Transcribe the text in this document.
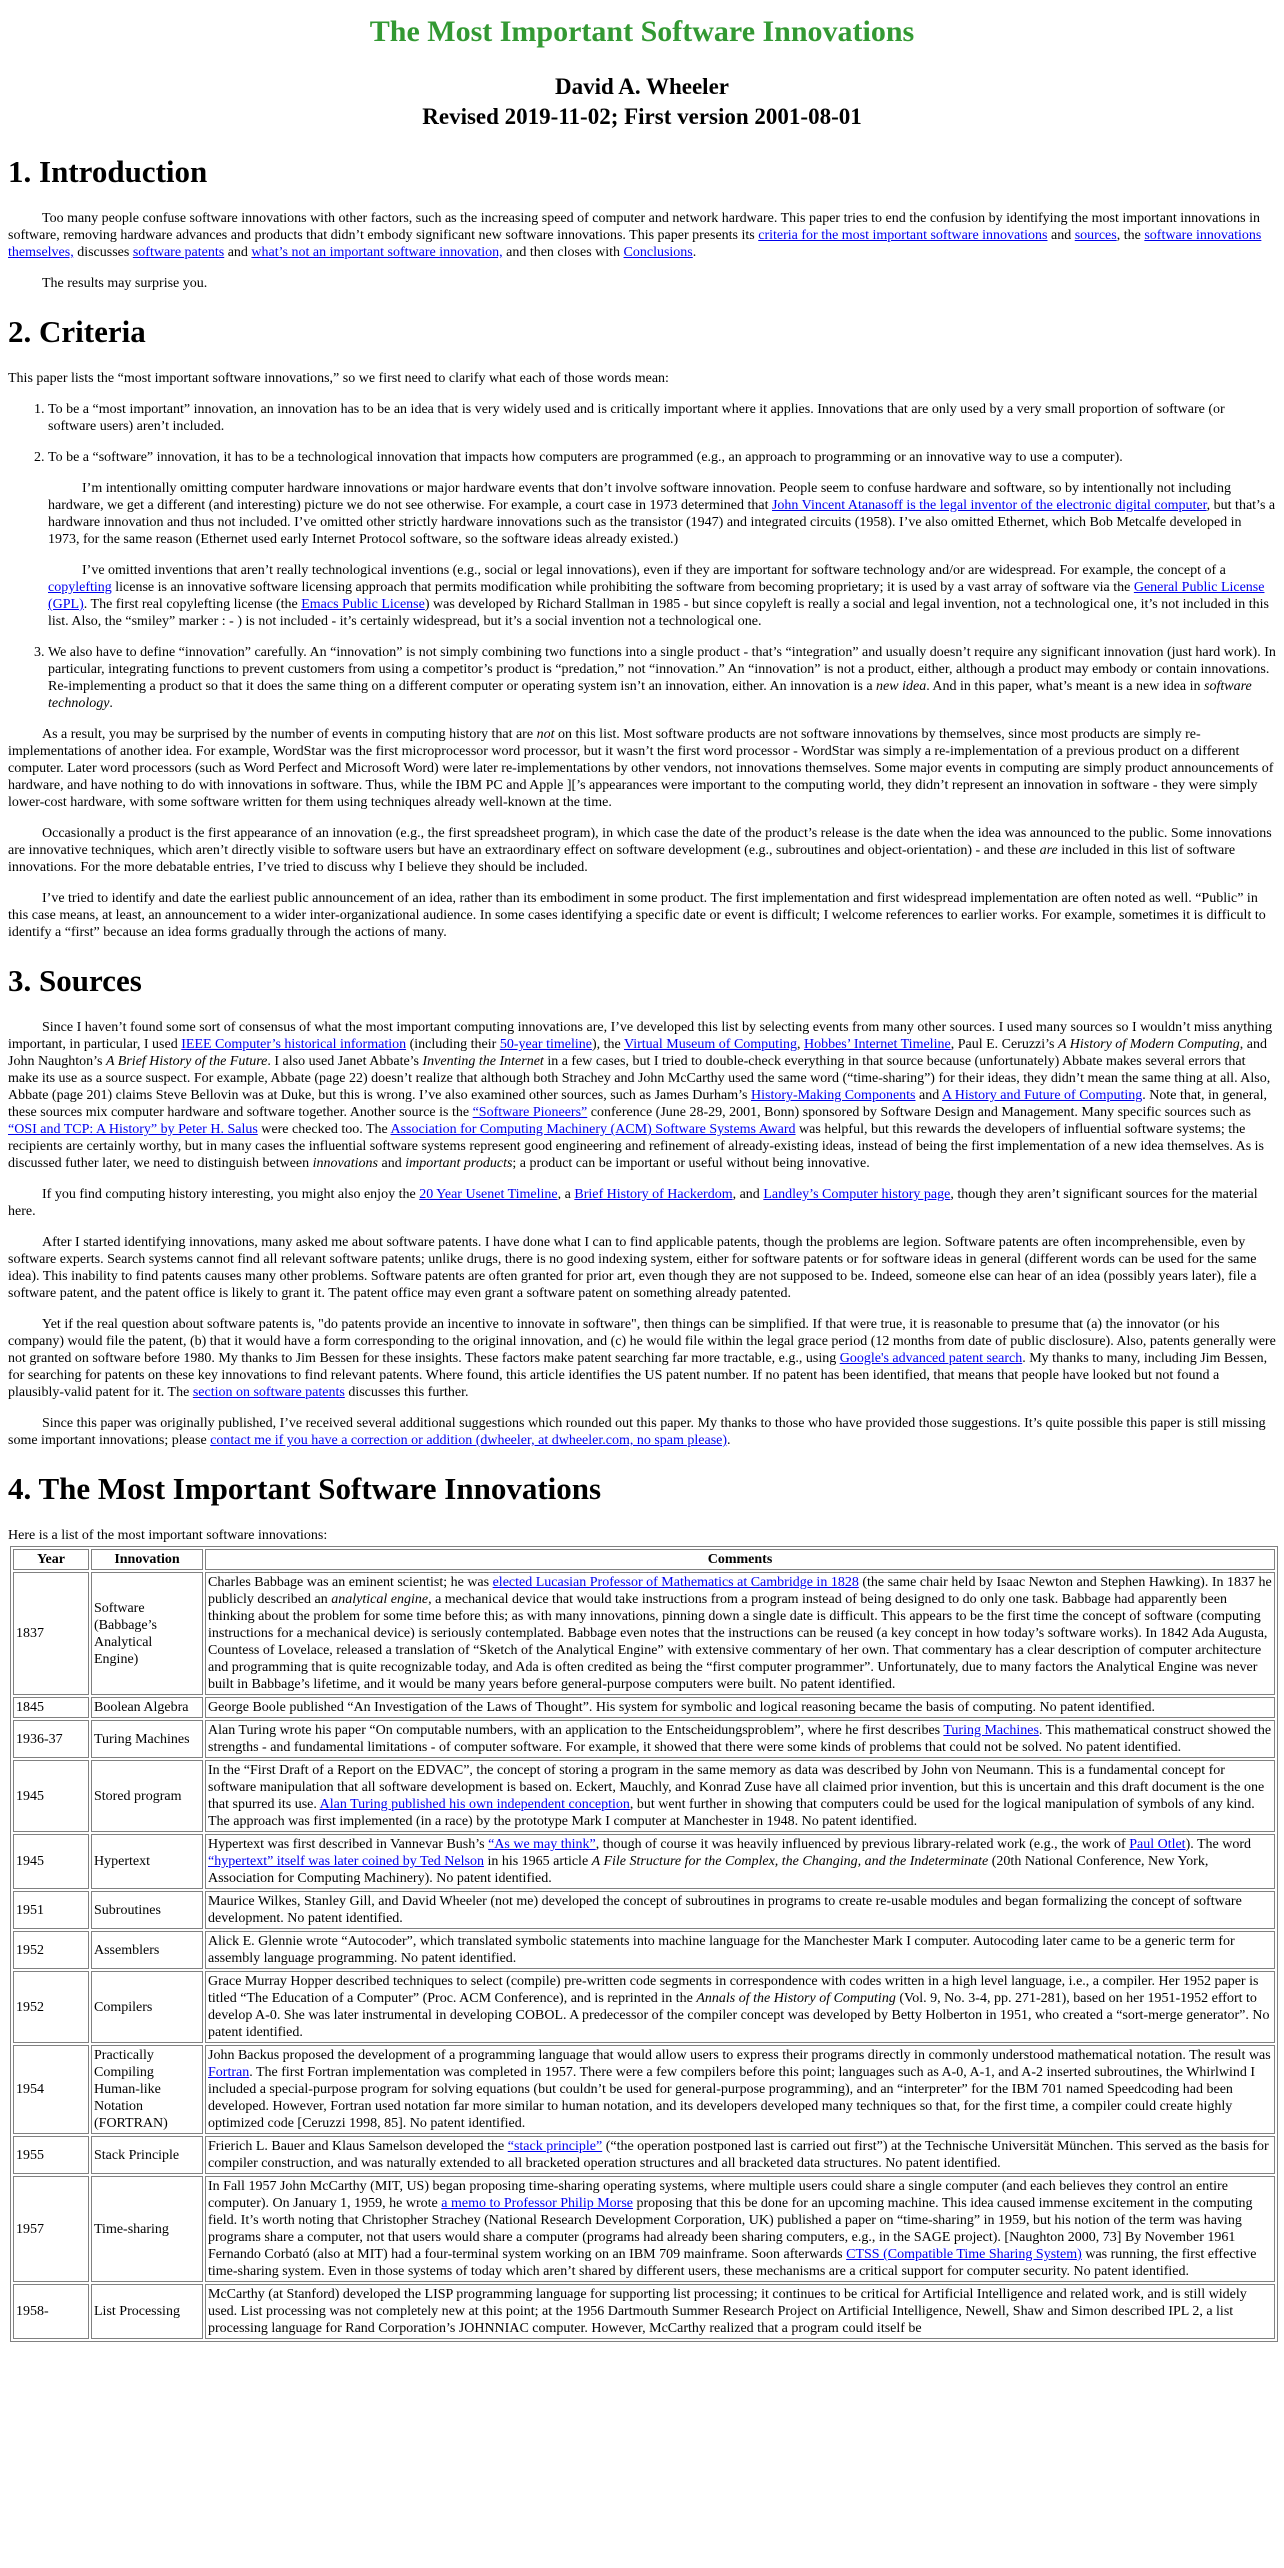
The Most Important Software Innovations
David A. Wheeler
Revised 2019-11-02; First version 2001-08-01
1. Introduction

Too many people confuse software innovations with other factors, such as the increasing speed of computer and network hardware. This paper tries to end the confusion by identifying the most important innovations in software, removing hardware advances and products that didn’t embody significant new software innovations. This paper presents its criteria for the most important software innovations and sources, the software innovations themselves, discusses software patents and what’s not an important software innovation, and then closes with Conclusions.

The results may surprise you.

2. Criteria

This paper lists the “most important software innovations,” so we first need to clarify what each of those words mean:

1. To be a “most important” innovation, an innovation has to be an idea that is very widely used and is critically important where it applies. Innovations that are only used by a very small proportion of software (or software users) aren’t included.
2. To be a “software” innovation, it has to be a technological innovation that impacts how computers are programmed (e.g., an approach to programming or an innovative way to use a computer).

I’m intentionally omitting computer hardware innovations or major hardware events that don’t involve software innovation. People seem to confuse hardware and software, so by intentionally not including hardware, we get a different (and interesting) picture we do not see otherwise. For example, a court case in 1973 determined that John Vincent Atanasoff is the legal inventor of the electronic digital computer, but that’s a hardware innovation and thus not included. I’ve omitted other strictly hardware innovations such as the transistor (1947) and integrated circuits (1958). I’ve also omitted Ethernet, which Bob Metcalfe developed in 1973, for the same reason (Ethernet used early Internet Protocol software, so the software ideas already existed.)

I’ve omitted inventions that aren’t really technological inventions (e.g., social or legal innovations), even if they are important for software technology and/or are widespread. For example, the concept of a copylefting license is an innovative software licensing approach that permits modification while prohibiting the software from becoming proprietary; it is used by a vast array of software via the General Public License (GPL). The first real copylefting license (the Emacs Public License) was developed by Richard Stallman in 1985 - but since copyleft is really a social and legal invention, not a technological one, it’s not included in this list. Also, the “smiley” marker : - ) is not included - it’s certainly widespread, but it’s a social invention not a technological one.

3. We also have to define “innovation” carefully. An “innovation” is not simply combining two functions into a single product - that’s “integration” and usually doesn’t require any significant innovation (just hard work). In particular, integrating functions to prevent customers from using a competitor’s product is “predation,” not “innovation.” An “innovation” is not a product, either, although a product may embody or contain innovations. Re-implementing a product so that it does the same thing on a different computer or operating system isn’t an innovation, either. An innovation is a new idea. And in this paper, what’s meant is a new idea in software technology.

As a result, you may be surprised by the number of events in computing history that are not on this list. Most software products are not software innovations by themselves, since most products are simply re-implementations of another idea. For example, WordStar was the first microprocessor word processor, but it wasn’t the first word processor - WordStar was simply a re-implementation of a previous product on a different computer. Later word processors (such as Word Perfect and Microsoft Word) were later re-implementations by other vendors, not innovations themselves. Some major events in computing are simply product announcements of hardware, and have nothing to do with innovations in software. Thus, while the IBM PC and Apple ][’s appearances were important to the computing world, they didn’t represent an innovation in software - they were simply lower-cost hardware, with some software written for them using techniques already well-known at the time.

Occasionally a product is the first appearance of an innovation (e.g., the first spreadsheet program), in which case the date of the product’s release is the date when the idea was announced to the public. Some innovations are innovative techniques, which aren’t directly visible to software users but have an extraordinary effect on software development (e.g., subroutines and object-orientation) - and these are included in this list of software innovations. For the more debatable entries, I’ve tried to discuss why I believe they should be included.

I’ve tried to identify and date the earliest public announcement of an idea, rather than its embodiment in some product. The first implementation and first widespread implementation are often noted as well. “Public” in this case means, at least, an announcement to a wider inter-organizational audience. In some cases identifying a specific date or event is difficult; I welcome references to earlier works. For example, sometimes it is difficult to identify a “first” because an idea forms gradually through the actions of many.

3. Sources

Since I haven’t found some sort of consensus of what the most important computing innovations are, I’ve developed this list by selecting events from many other sources. I used many sources so I wouldn’t miss anything important, in particular, I used IEEE Computer’s historical information (including their 50-year timeline), the Virtual Museum of Computing, Hobbes’ Internet Timeline, Paul E. Ceruzzi’s A History of Modern Computing, and John Naughton’s A Brief History of the Future. I also used Janet Abbate’s Inventing the Internet in a few cases, but I tried to double-check everything in that source because (unfortunately) Abbate makes several errors that make its use as a source suspect. For example, Abbate (page 22) doesn’t realize that although both Strachey and John McCarthy used the same word (“time-sharing”) for their ideas, they didn’t mean the same thing at all. Also, Abbate (page 201) claims Steve Bellovin was at Duke, but this is wrong. I’ve also examined other sources, such as James Durham’s History-Making Components and A History and Future of Computing. Note that, in general, these sources mix computer hardware and software together. Another source is the “Software Pioneers” conference (June 28-29, 2001, Bonn) sponsored by Software Design and Management. Many specific sources such as “OSI and TCP: A History” by Peter H. Salus were checked too. The Association for Computing Machinery (ACM) Software Systems Award was helpful, but this rewards the developers of influential software systems; the recipients are certainly worthy, but in many cases the influential software systems represent good engineering and refinement of already-existing ideas, instead of being the first implementation of a new idea themselves. As is discussed futher later, we need to distinguish between innovations and important products; a product can be important or useful without being innovative.

If you find computing history interesting, you might also enjoy the 20 Year Usenet Timeline, a Brief History of Hackerdom, and Landley’s Computer history page, though they aren’t significant sources for the material here.

After I started identifying innovations, many asked me about software patents. I have done what I can to find applicable patents, though the problems are legion. Software patents are often incomprehensible, even by software experts. Search systems cannot find all relevant software patents; unlike drugs, there is no good indexing system, either for software patents or for software ideas in general (different words can be used for the same idea). This inability to find patents causes many other problems. Software patents are often granted for prior art, even though they are not supposed to be. Indeed, someone else can hear of an idea (possibly years later), file a software patent, and the patent office is likely to grant it. The patent office may even grant a software patent on something already patented.

Yet if the real question about software patents is, "do patents provide an incentive to innovate in software", then things can be simplified. If that were true, it is reasonable to presume that (a) the innovator (or his company) would file the patent, (b) that it would have a form corresponding to the original innovation, and (c) he would file within the legal grace period (12 months from date of public disclosure). Also, patents generally were not granted on software before 1980. My thanks to Jim Bessen for these insights. These factors make patent searching far more tractable, e.g., using Google's advanced patent search. My thanks to many, including Jim Bessen, for searching for patents on these key innovations to find relevant patents. Where found, this article identifies the US patent number. If no patent has been identified, that means that people have looked but not found a plausibly-valid patent for it. The section on software patents discusses this further.

Since this paper was originally published, I’ve received several additional suggestions which rounded out this paper. My thanks to those who have provided those suggestions. It’s quite possible this paper is still missing some important innovations; please contact me if you have a correction or addition (dwheeler, at dwheeler.com, no spam please).

4. The Most Important Software Innovations

Here is a list of the most important software innovations:

Year	Innovation	Comments
1837	Software (Babbage’s Analytical Engine)	Charles Babbage was an eminent scientist; he was elected Lucasian Professor of Mathematics at Cambridge in 1828 (the same chair held by Isaac Newton and Stephen Hawking). In 1837 he publicly described an analytical engine, a mechanical device that would take instructions from a program instead of being designed to do only one task. Babbage had apparently been thinking about the problem for some time before this; as with many innovations, pinning down a single date is difficult. This appears to be the first time the concept of software (computing instructions for a mechanical device) is seriously contemplated. Babbage even notes that the instructions can be reused (a key concept in how today’s software works). In 1842 Ada Augusta, Countess of Lovelace, released a translation of “Sketch of the Analytical Engine” with extensive commentary of her own. That commentary has a clear description of computer architecture and programming that is quite recognizable today, and Ada is often credited as being the “first computer programmer”. Unfortunately, due to many factors the Analytical Engine was never built in Babbage’s lifetime, and it would be many years before general-purpose computers were built. No patent identified.
1845	Boolean Algebra	George Boole published “An Investigation of the Laws of Thought”. His system for symbolic and logical reasoning became the basis of computing. No patent identified.
1936-37	Turing Machines	Alan Turing wrote his paper “On computable numbers, with an application to the Entscheidungsproblem”, where he first describes Turing Machines. This mathematical construct showed the strengths - and fundamental limitations - of computer software. For example, it showed that there were some kinds of problems that could not be solved. No patent identified.
1945	Stored program	In the “First Draft of a Report on the EDVAC”, the concept of storing a program in the same memory as data was described by John von Neumann. This is a fundamental concept for software manipulation that all software development is based on. Eckert, Mauchly, and Konrad Zuse have all claimed prior invention, but this is uncertain and this draft document is the one that spurred its use. Alan Turing published his own independent conception, but went further in showing that computers could be used for the logical manipulation of symbols of any kind. The approach was first implemented (in a race) by the prototype Mark I computer at Manchester in 1948. No patent identified.
1945	Hypertext	Hypertext was first described in Vannevar Bush’s “As we may think”, though of course it was heavily influenced by previous library-related work (e.g., the work of Paul Otlet). The word “hypertext” itself was later coined by Ted Nelson in his 1965 article A File Structure for the Complex, the Changing, and the Indeterminate (20th National Conference, New York, Association for Computing Machinery). No patent identified.
1951	Subroutines	Maurice Wilkes, Stanley Gill, and David Wheeler (not me) developed the concept of subroutines in programs to create re-usable modules and began formalizing the concept of software development. No patent identified.
1952	Assemblers	Alick E. Glennie wrote “Autocoder”, which translated symbolic statements into machine language for the Manchester Mark I computer. Autocoding later came to be a generic term for assembly language programming. No patent identified.
1952	Compilers	Grace Murray Hopper described techniques to select (compile) pre-written code segments in correspondence with codes written in a high level language, i.e., a compiler. Her 1952 paper is titled “The Education of a Computer” (Proc. ACM Conference), and is reprinted in the Annals of the History of Computing (Vol. 9, No. 3-4, pp. 271-281), based on her 1951-1952 effort to develop A-0. She was later instrumental in developing COBOL. A predecessor of the compiler concept was developed by Betty Holberton in 1951, who created a “sort-merge generator”. No patent identified.
1954	Practically Compiling Human-like Notation (FORTRAN)	John Backus proposed the development of a programming language that would allow users to express their programs directly in commonly understood mathematical notation. The result was Fortran. The first Fortran implementation was completed in 1957. There were a few compilers before this point; languages such as A-0, A-1, and A-2 inserted subroutines, the Whirlwind I included a special-purpose program for solving equations (but couldn’t be used for general-purpose programming), and an “interpreter” for the IBM 701 named Speedcoding had been developed. However, Fortran used notation far more similar to human notation, and its developers developed many techniques so that, for the first time, a compiler could create highly optimized code [Ceruzzi 1998, 85]. No patent identified.
1955	Stack Principle	Frierich L. Bauer and Klaus Samelson developed the “stack principle” (“the operation postponed last is carried out first”) at the Technische Universität München. This served as the basis for compiler construction, and was naturally extended to all bracketed operation structures and all bracketed data structures. No patent identified.
1957	Time-sharing	In Fall 1957 John McCarthy (MIT, US) began proposing time-sharing operating systems, where multiple users could share a single computer (and each believes they control an entire computer). On January 1, 1959, he wrote a memo to Professor Philip Morse proposing that this be done for an upcoming machine. This idea caused immense excitement in the computing field. It’s worth noting that Christopher Strachey (National Research Development Corporation, UK) published a paper on “time-sharing” in 1959, but his notion of the term was having programs share a computer, not that users would share a computer (programs had already been sharing computers, e.g., in the SAGE project). [Naughton 2000, 73] By November 1961 Fernando Corbató (also at MIT) had a four-terminal system working on an IBM 709 mainframe. Soon afterwards CTSS (Compatible Time Sharing System) was running, the first effective time-sharing system. Even in those systems of today which aren’t shared by different users, these mechanisms are a critical support for computer security. No patent identified.
1958-	List Processing	McCarthy (at Stanford) developed the LISP programming language for supporting list processing; it continues to be critical for Artificial Intelligence and related work, and is still widely used. List processing was not completely new at this point; at the 1956 Dartmouth Summer Research Project on Artificial Intelligence, Newell, Shaw and Simon described IPL 2, a list processing language for Rand Corporation’s JOHNNIAC computer. However, McCarthy realized that a program could itself be
